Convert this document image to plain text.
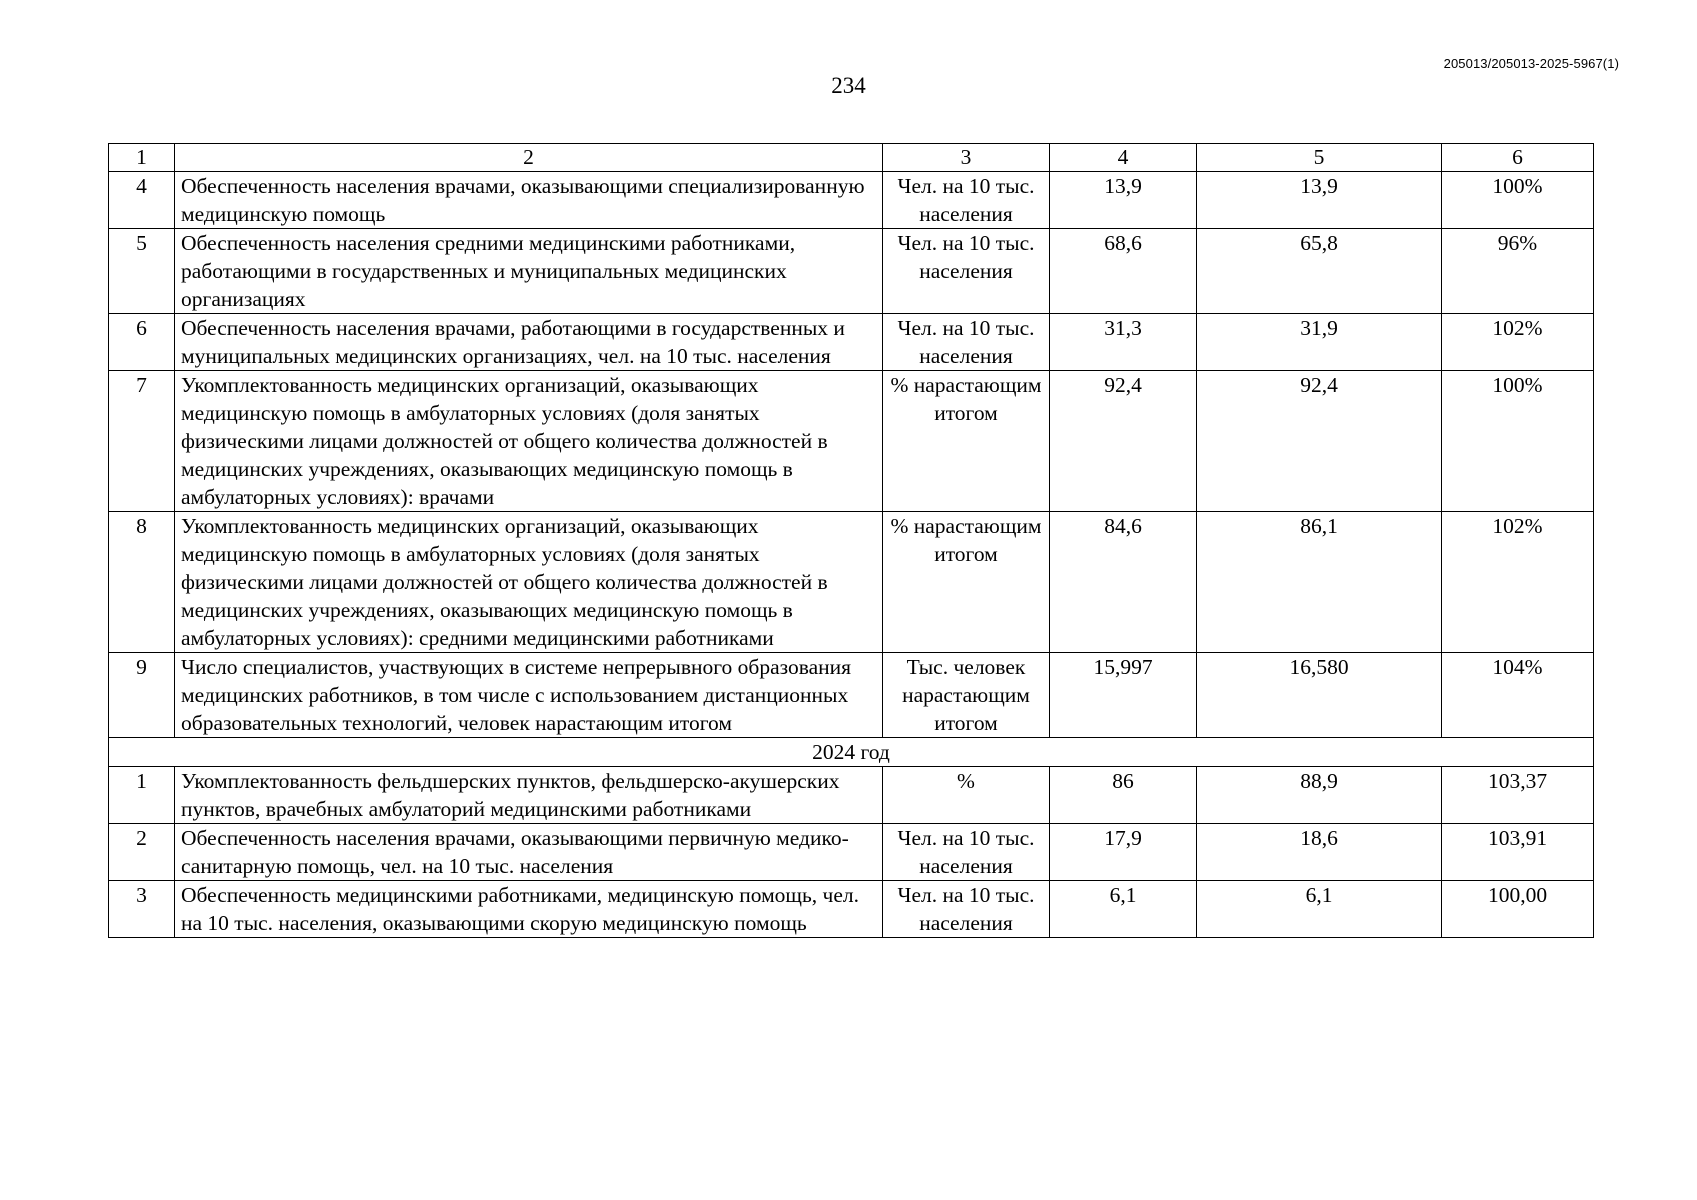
205013/205013-2025-5967(1)
234
1	2	3	4	5	6
4	Обеспеченность населения врачами, оказывающими специализированную медицинскую помощь	Чел. на 10 тыс. населения	13,9	13,9	100%
5	Обеспеченность населения средними медицинскими работниками, работающими в государственных и муниципальных медицинских организациях	Чел. на 10 тыс. населения	68,6	65,8	96%
6	Обеспеченность населения врачами, работающими в государственных и муниципальных медицинских организациях, чел. на 10 тыс. населения	Чел. на 10 тыс. населения	31,3	31,9	102%
7	Укомплектованность медицинских организаций, оказывающих медицинскую помощь в амбулаторных условиях (доля занятых физическими лицами должностей от общего количества должностей в медицинских учреждениях, оказывающих медицинскую помощь в амбулаторных условиях): врачами	% нарастающим итогом	92,4	92,4	100%
8	Укомплектованность медицинских организаций, оказывающих медицинскую помощь в амбулаторных условиях (доля занятых физическими лицами должностей от общего количества должностей в медицинских учреждениях, оказывающих медицинскую помощь в амбулаторных условиях): средними медицинскими работниками	% нарастающим итогом	84,6	86,1	102%
9	Число специалистов, участвующих в системе непрерывного образования медицинских работников, в том числе с использованием дистанционных образовательных технологий, человек нарастающим итогом	Тыс. человек нарастающим итогом	15,997	16,580	104%
2024 год					
1	Укомплектованность фельдшерских пунктов, фельдшерско-акушерских пунктов, врачебных амбулаторий медицинскими работниками	%	86	88,9	103,37
2	Обеспеченность населения врачами, оказывающими первичную медико-санитарную помощь, чел. на 10 тыс. населения	Чел. на 10 тыс. населения	17,9	18,6	103,91
3	Обеспеченность медицинскими работниками, медицинскую помощь, чел. на 10 тыс. населения, оказывающими скорую медицинскую помощь	Чел. на 10 тыс. населения	6,1	6,1	100,00
